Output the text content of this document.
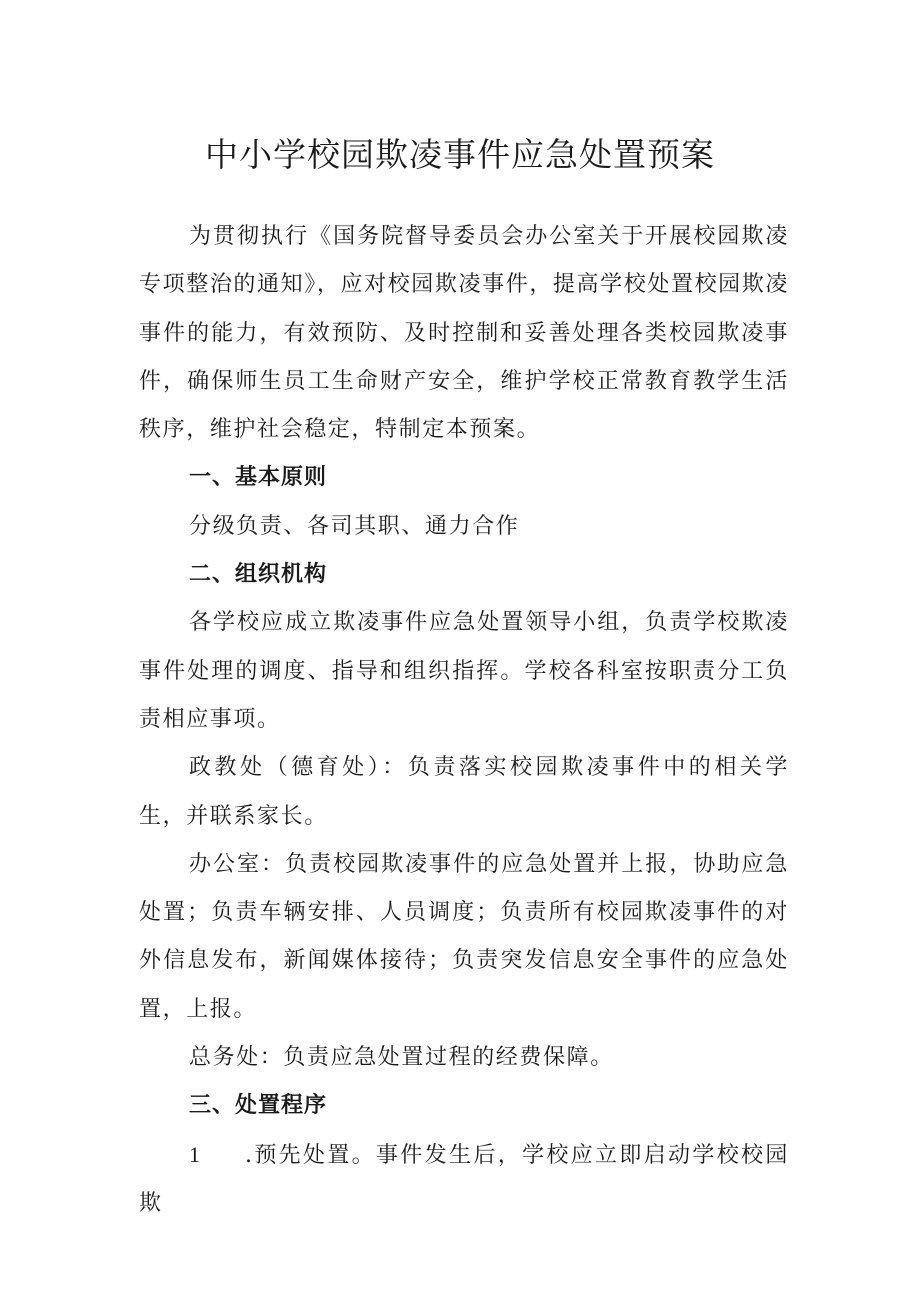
中小学校园欺凌事件应急处置预案

为贯彻执行《国务院督导委员会办公室关于开展校园欺凌专项整治的通知》，应对校园欺凌事件，提高学校处置校园欺凌事件的能力，有效预防、及时控制和妥善处理各类校园欺凌事件，确保师生员工生命财产安全，维护学校正常教育教学生活秩序，维护社会稳定，特制定本预案。

一、基本原则

分级负责、各司其职、通力合作

二、组织机构

各学校应成立欺凌事件应急处置领导小组，负责学校欺凌事件处理的调度、指导和组织指挥。学校各科室按职责分工负责相应事项。

政教处（德育处）：负责落实校园欺凌事件中的相关学生，并联系家长。

办公室：负责校园欺凌事件的应急处置并上报，协助应急处置；负责车辆安排、人员调度；负责所有校园欺凌事件的对外信息发布，新闻媒体接待；负责突发信息安全事件的应急处置，上报。

总务处：负责应急处置过程的经费保障。

三、处置程序

1 .预先处置。事件发生后，学校应立即启动学校校园欺
